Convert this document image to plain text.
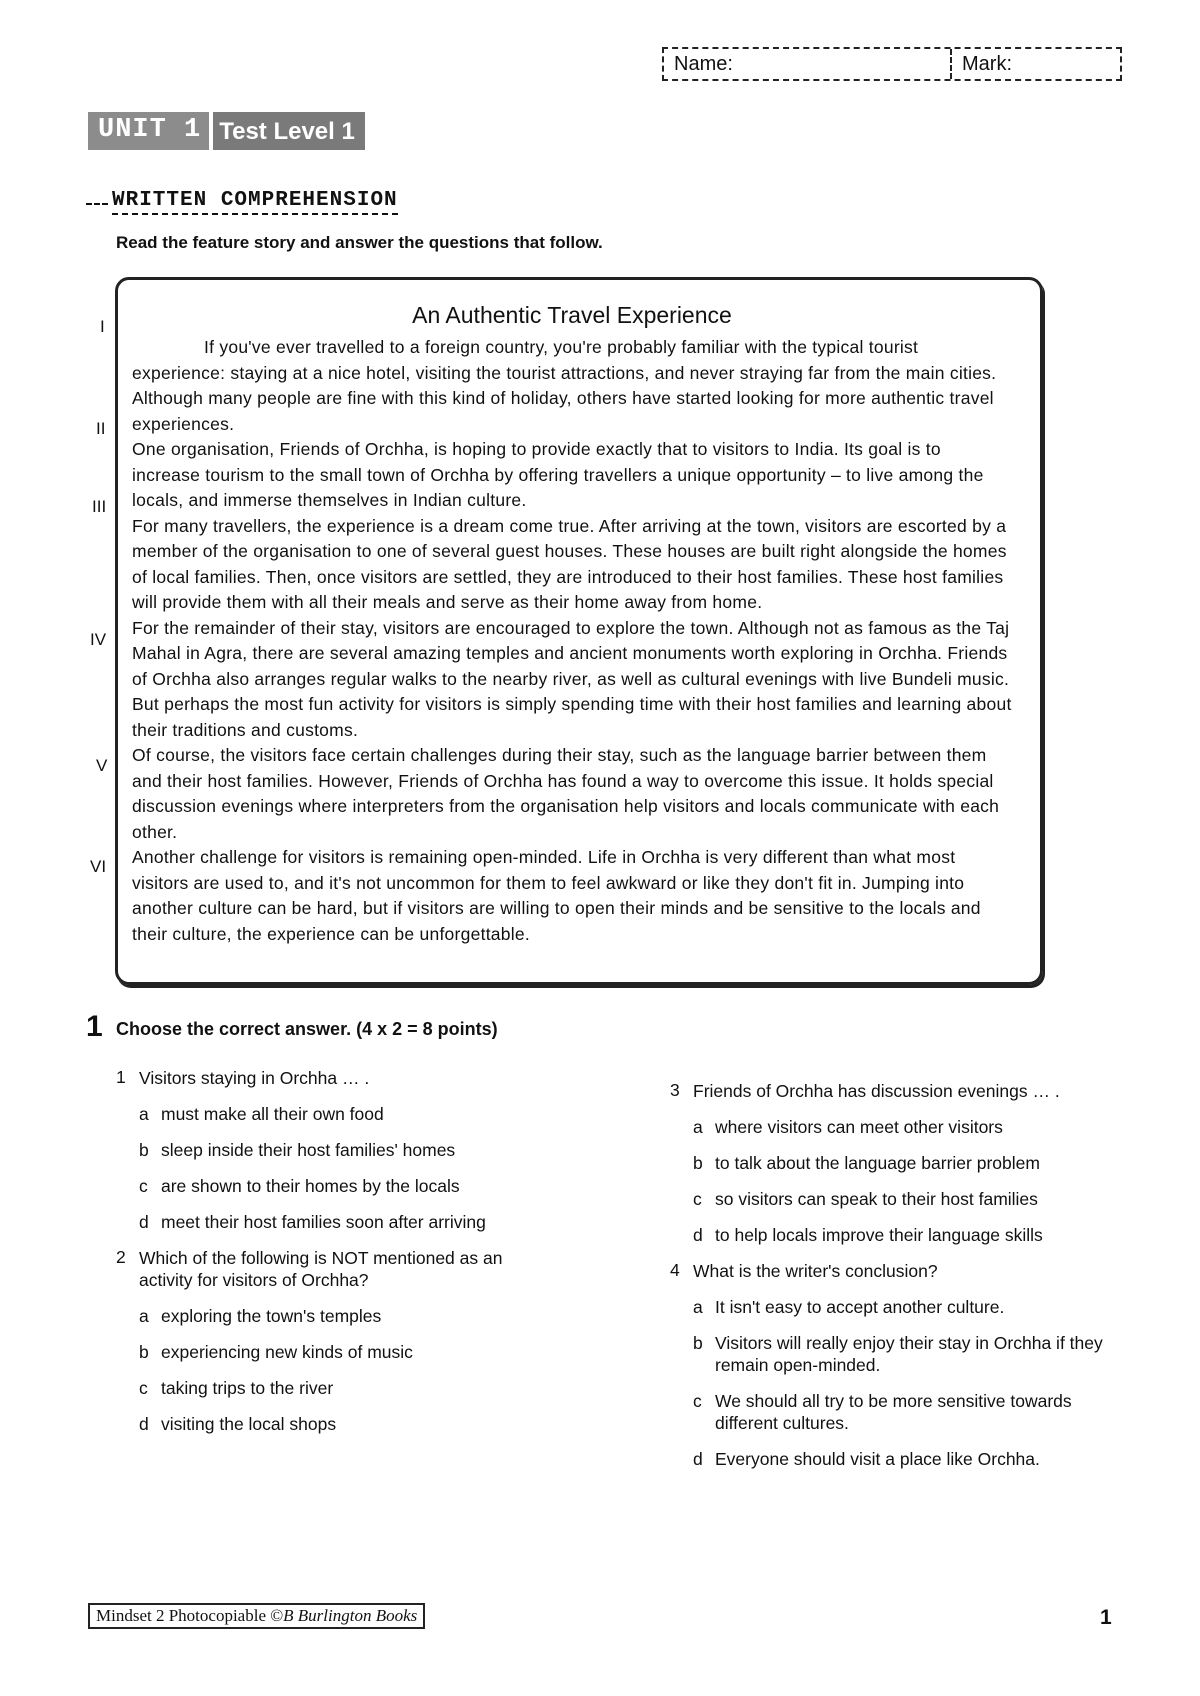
Name:	Mark:
UNIT 1 Test Level 1
WRITTEN COMPREHENSION
Read the feature story and answer the questions that follow.
I
II
III
IV
V
VI
An Authentic Travel Experience

If you've ever travelled to a foreign country, you're probably familiar with the typical tourist experience: staying at a nice hotel, visiting the tourist attractions, and never straying far from the main cities. Although many people are fine with this kind of holiday, others have started looking for more authentic travel experiences.

One organisation, Friends of Orchha, is hoping to provide exactly that to visitors to India. Its goal is to increase tourism to the small town of Orchha by offering travellers a unique opportunity – to live among the locals, and immerse themselves in Indian culture.

For many travellers, the experience is a dream come true. After arriving at the town, visitors are escorted by a member of the organisation to one of several guest houses. These houses are built right alongside the homes of local families. Then, once visitors are settled, they are introduced to their host families. These host families will provide them with all their meals and serve as their home away from home.

For the remainder of their stay, visitors are encouraged to explore the town. Although not as famous as the Taj Mahal in Agra, there are several amazing temples and ancient monuments worth exploring in Orchha. Friends of Orchha also arranges regular walks to the nearby river, as well as cultural evenings with live Bundeli music. But perhaps the most fun activity for visitors is simply spending time with their host families and learning about their traditions and customs.

Of course, the visitors face certain challenges during their stay, such as the language barrier between them and their host families. However, Friends of Orchha has found a way to overcome this issue. It holds special discussion evenings where interpreters from the organisation help visitors and locals communicate with each other.

Another challenge for visitors is remaining open-minded. Life in Orchha is very different than what most visitors are used to, and it's not uncommon for them to feel awkward or like they don't fit in. Jumping into another culture can be hard, but if visitors are willing to open their minds and be sensitive to the locals and their culture, the experience can be unforgettable.

1 Choose the correct answer. (4 x 2 = 8 points)
1 Visitors staying in Orchha … .
a must make all their own food
b sleep inside their host families' homes
c are shown to their homes by the locals
d meet their host families soon after arriving
2 Which of the following is NOT mentioned as an activity for visitors of Orchha?
a exploring the town's temples
b experiencing new kinds of music
c taking trips to the river
d visiting the local shops
3 Friends of Orchha has discussion evenings … .
a where visitors can meet other visitors
b to talk about the language barrier problem
c so visitors can speak to their host families
d to help locals improve their language skills
4 What is the writer's conclusion?
a It isn't easy to accept another culture.
b Visitors will really enjoy their stay in Orchha if they remain open-minded.
c We should all try to be more sensitive towards different cultures.
d Everyone should visit a place like Orchha.
Mindset 2 Photocopiable ©B Burlington Books	1
